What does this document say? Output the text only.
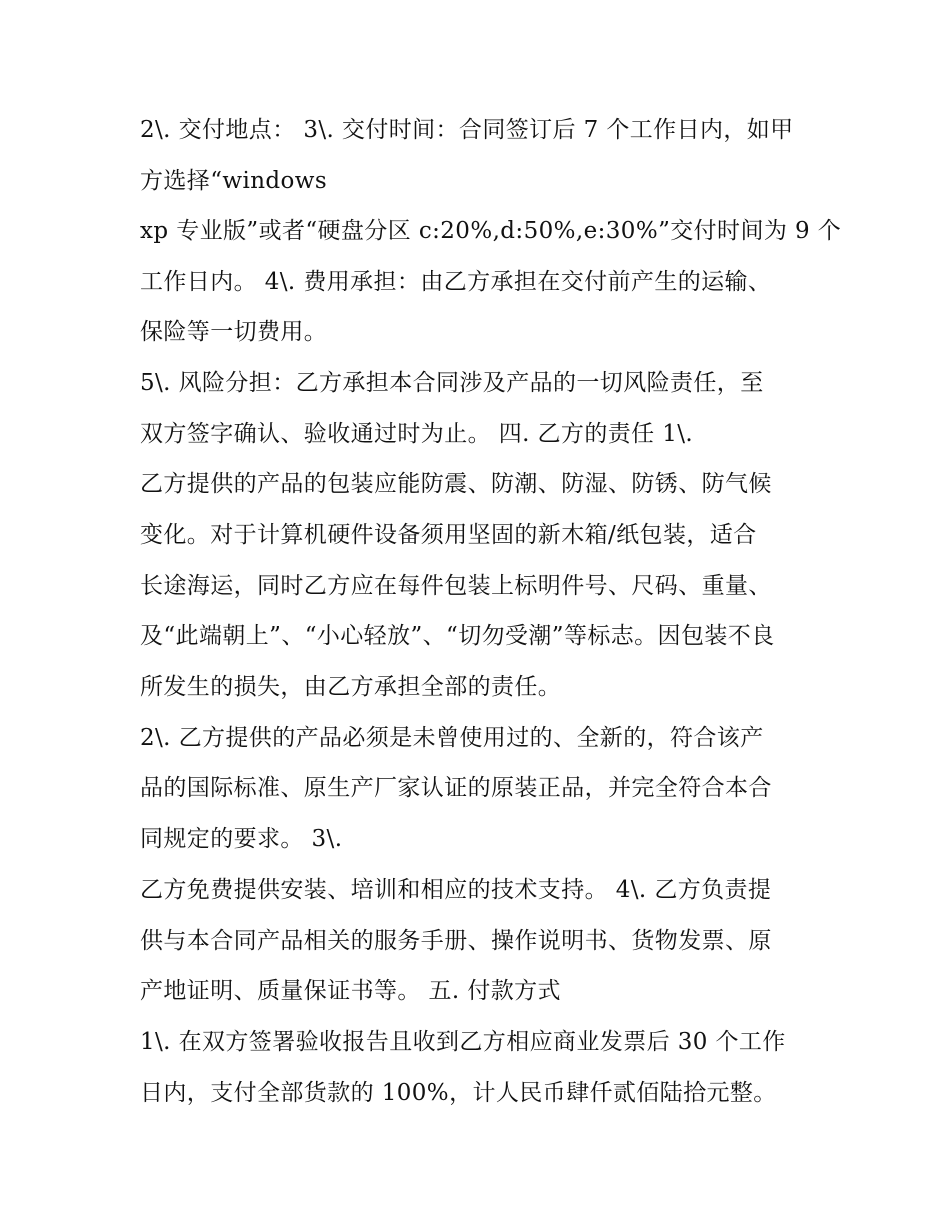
2\. 交付地点： 3\. 交付时间：合同签订后 7 个工作日内，如甲
方选择“windows
xp 专业版”或者“硬盘分区 c:20%,d:50%,e:30%”交付时间为 9 个
工作日内。 4\. 费用承担：由乙方承担在交付前产生的运输、
保险等一切费用。
5\. 风险分担：乙方承担本合同涉及产品的一切风险责任，至
双方签字确认、验收通过时为止。 四. 乙方的责任 1\.
乙方提供的产品的包装应能防震、防潮、防湿、防锈、防气候
变化。对于计算机硬件设备须用坚固的新木箱/纸包装，适合
长途海运，同时乙方应在每件包装上标明件号、尺码、重量、
及“此端朝上”、“小心轻放”、“切勿受潮”等标志。因包装不良
所发生的损失，由乙方承担全部的责任。
2\. 乙方提供的产品必须是未曾使用过的、全新的，符合该产
品的国际标准、原生产厂家认证的原装正品，并完全符合本合
同规定的要求。 3\.
乙方免费提供安装、培训和相应的技术支持。 4\. 乙方负责提
供与本合同产品相关的服务手册、操作说明书、货物发票、原
产地证明、质量保证书等。 五. 付款方式
1\. 在双方签署验收报告且收到乙方相应商业发票后 30 个工作
日内，支付全部货款的 100%，计人民币肆仟贰佰陆拾元整。
